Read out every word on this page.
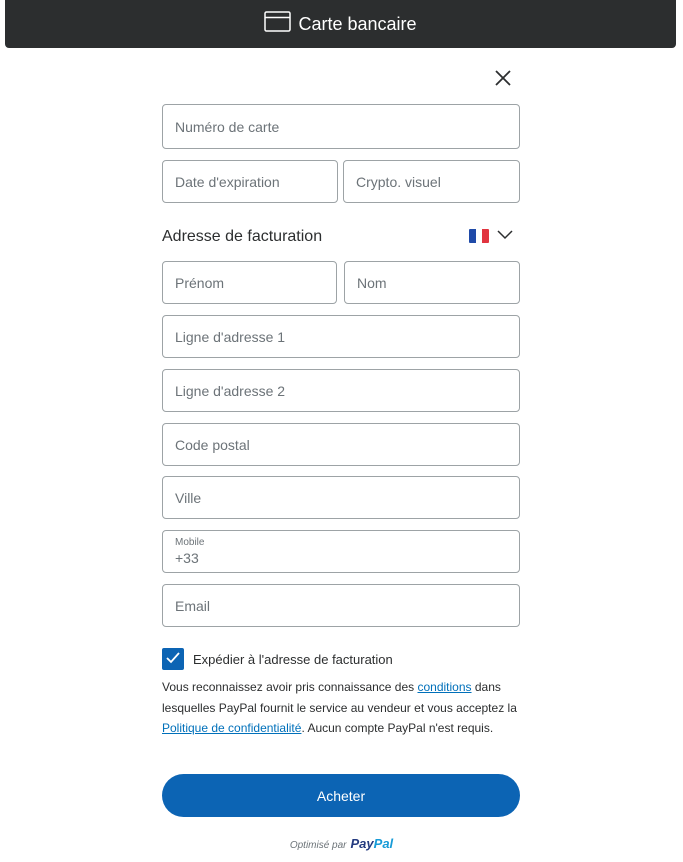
Carte bancaire
Numéro de carte
Date d'expiration	Crypto. visuel
Adresse de facturation
Prénom	Nom
Ligne d'adresse 1
Ligne d'adresse 2
Code postal
Ville
Mobile
+33
Email
Expédier à l'adresse de facturation
Vous reconnaissez avoir pris connaissance des conditions dans lesquelles PayPal fournit le service au vendeur et vous acceptez la Politique de confidentialité. Aucun compte PayPal n'est requis.
Acheter
Optimisé par PayPal
